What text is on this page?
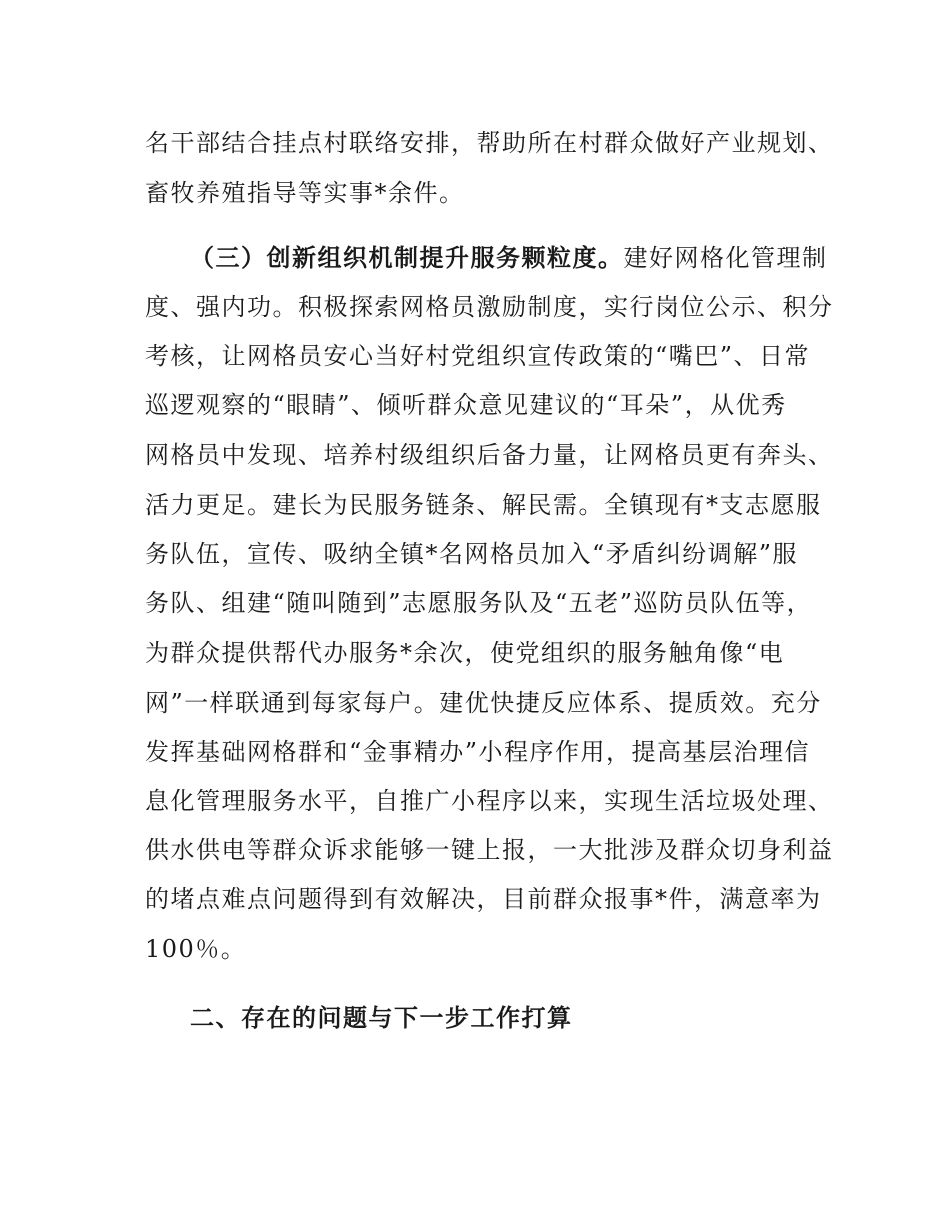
名干部结合挂点村联络安排，帮助所在村群众做好产业规划、

畜牧养殖指导等实事*余件。

（三）创新组织机制提升服务颗粒度。建好网格化管理制

度、强内功。积极探索网格员激励制度，实行岗位公示、积分

考核，让网格员安心当好村党组织宣传政策的“嘴巴”、日常

巡逻观察的“眼睛”、倾听群众意见建议的“耳朵”，从优秀

网格员中发现、培养村级组织后备力量，让网格员更有奔头、

活力更足。建长为民服务链条、解民需。全镇现有*支志愿服

务队伍，宣传、吸纳全镇*名网格员加入“矛盾纠纷调解”服

务队、组建“随叫随到”志愿服务队及“五老”巡防员队伍等，

为群众提供帮代办服务*余次，使党组织的服务触角像“电

网”一样联通到每家每户。建优快捷反应体系、提质效。充分

发挥基础网格群和“金事精办”小程序作用，提高基层治理信

息化管理服务水平，自推广小程序以来，实现生活垃圾处理、

供水供电等群众诉求能够一键上报，一大批涉及群众切身利益

的堵点难点问题得到有效解决，目前群众报事*件，满意率为

100％。

二、存在的问题与下一步工作打算
